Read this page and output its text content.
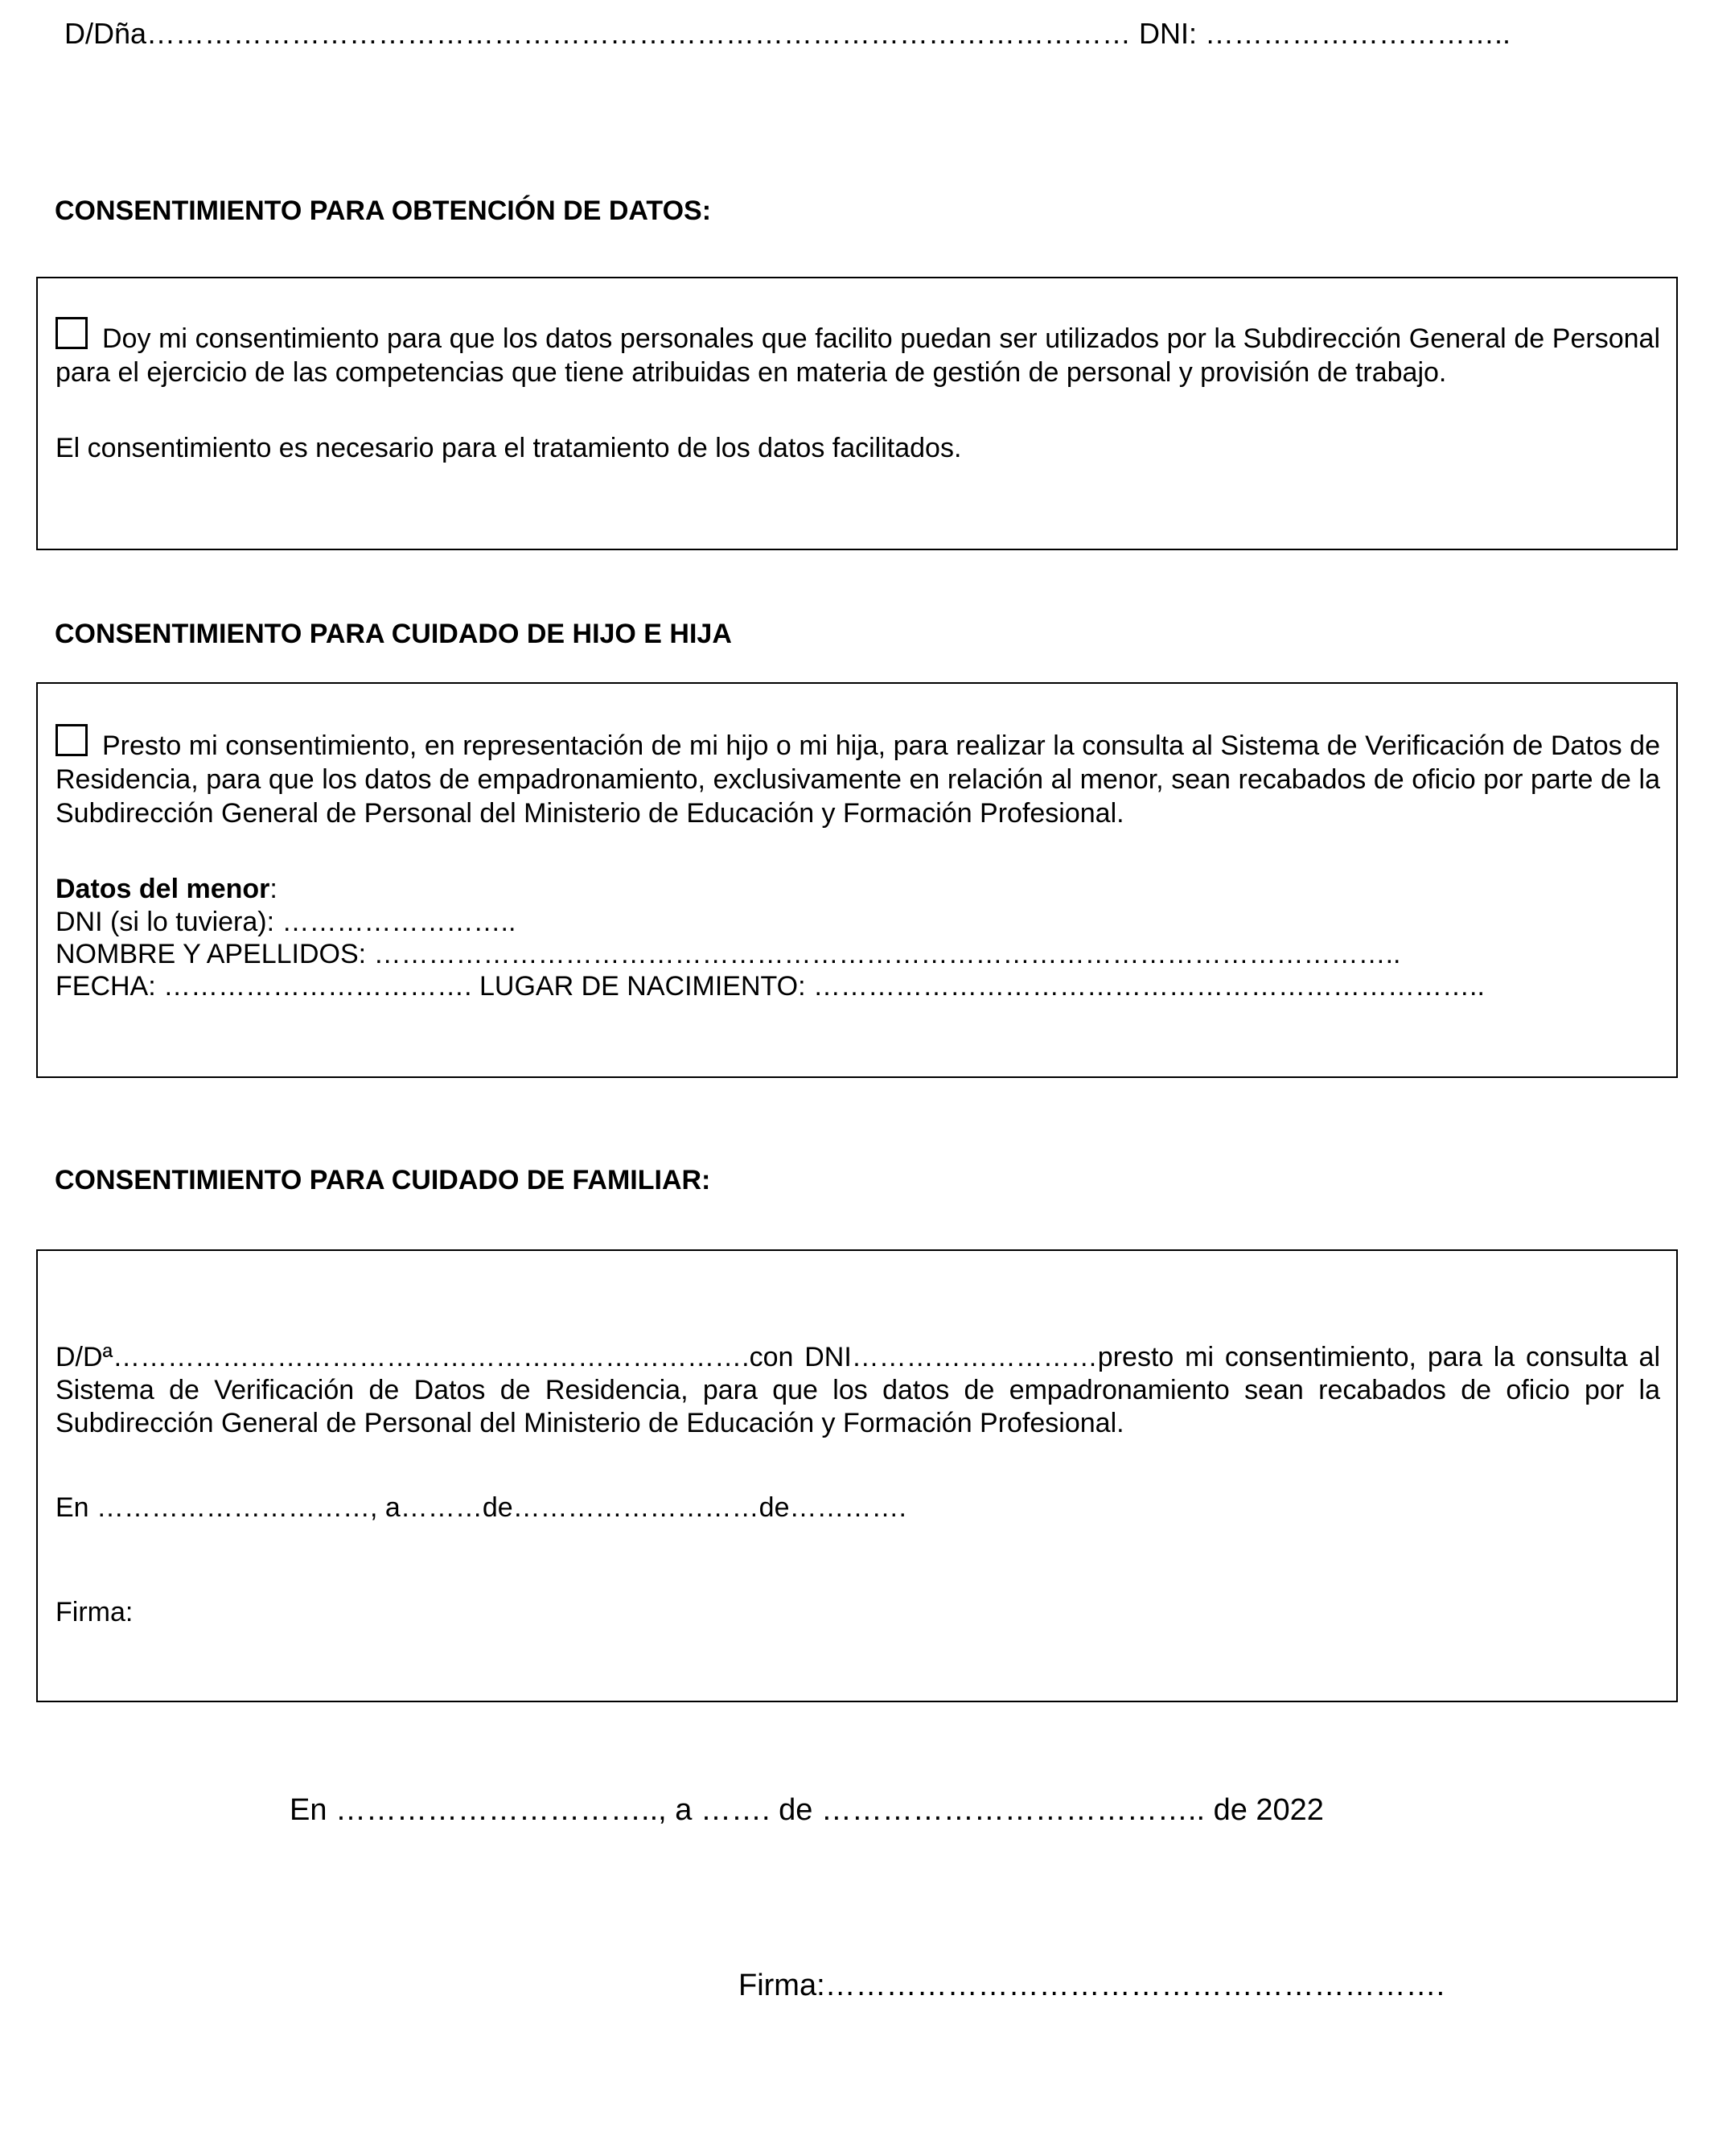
D/Dña………………………………………………………………………………………… DNI: …………………………..
CONSENTIMIENTO PARA OBTENCIÓN DE DATOS:
Doy mi consentimiento para que los datos personales que facilito puedan ser utilizados por la Subdirección General de Personal para el ejercicio de las competencias que tiene atribuidas en materia de gestión de personal y provisión de trabajo.
El consentimiento es necesario para el tratamiento de los datos facilitados.
CONSENTIMIENTO PARA CUIDADO DE HIJO E HIJA
Presto mi consentimiento, en representación de mi hijo o mi hija, para realizar la consulta al Sistema de Verificación de Datos de Residencia, para que los datos de empadronamiento, exclusivamente en relación al menor, sean recabados de oficio por parte de la Subdirección General de Personal del Ministerio de Educación y Formación Profesional.
Datos del menor:
DNI (si lo tuviera): ……………………..
NOMBRE Y APELLIDOS: …………………………………………………………………………………………………..
FECHA: ……………………………. LUGAR DE NACIMIENTO: ………………………………………………………………..
CONSENTIMIENTO PARA CUIDADO DE FAMILIAR:
D/Dª…………………………………………………………….con DNI………………………presto mi consentimiento, para la consulta al Sistema de Verificación de Datos de Residencia, para que los datos de empadronamiento sean recabados de oficio por la Subdirección General de Personal del Ministerio de Educación y Formación Profesional.
En …………………………, a………de………………………de………….
Firma:
En ………………………….., a ……. de ……………………………….. de 2022
Firma:…………………………………………………….
